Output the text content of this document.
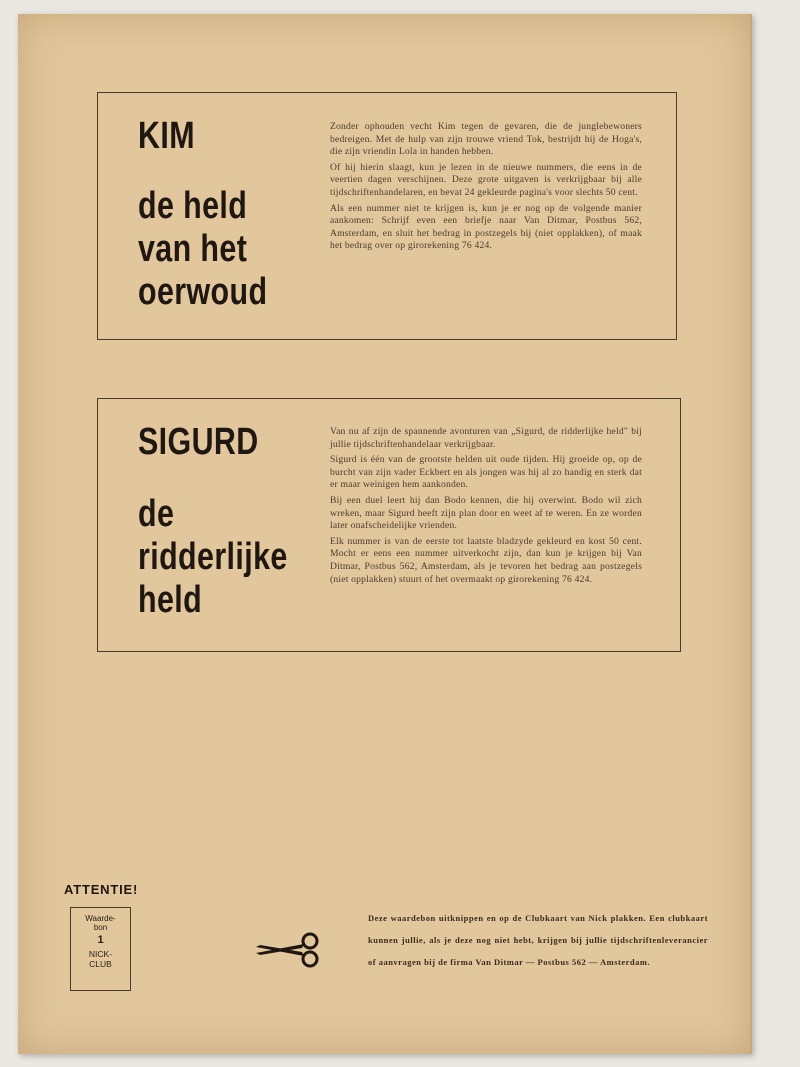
KIM
de held
van het
oerwoud

Zonder ophouden vecht Kim tegen de gevaren, die de junglebewoners bedreigen. Met de hulp van zijn trouwe vriend Tok, bestrijdt hij de Hoga's, die zijn vriendin Lola in handen hebben.

Of hij hierin slaagt, kun je lezen in de nieuwe nummers, die eens in de veertien dagen verschijnen. Deze grote uitgaven is verkrijgbaar bij alle tijdschriftenhandelaren, en bevat 24 gekleurde pagina's voor slechts 50 cent.

Als een nummer niet te krijgen is, kun je er nog op de volgende manier aankomen: Schrijf even een briefje naar Van Ditmar, Postbus 562, Amsterdam, en sluit het bedrag in postzegels bij (niet opplakken), of maak het bedrag over op girorekening 76 424.

SIGURD
de
ridderlijke
held

Van nu af zijn de spannende avonturen van „Sigurd, de ridderlijke held" bij jullie tijdschriftenhandelaar verkrijgbaar.

Sigurd is één van de grootste helden uit oude tijden. Hij groeide op, op de burcht van zijn vader Eckbert en als jongen was hij al zo handig en sterk dat er maar weinigen hem aankonden.

Bij een duel leert hij dan Bodo kennen, die hij overwint. Bodo wil zich wreken, maar Sigurd heeft zijn plan door en weet af te weren. En ze worden later onafscheidelijke vrienden.

Elk nummer is van de eerste tot laatste bladzyde gekleurd en kost 50 cent. Mocht er eens een nummer uitverkocht zijn, dan kun je krijgen bij Van Ditmar, Postbus 562, Amsterdam, als je tevoren het bedrag aan postzegels (niet opplakken) stuurt of het overmaakt op girorekening 76 424.

ATTENTIE!
Waarde-
bon
1
NICK-
CLUB
Deze waardebon uitknippen en op de Clubkaart van Nick plakken. Een clubkaart kunnen jullie, als je deze nog niet hebt, krijgen bij jullie tijdschriftenleverancier of aanvragen bij de firma Van Ditmar — Postbus 562 — Amsterdam.
